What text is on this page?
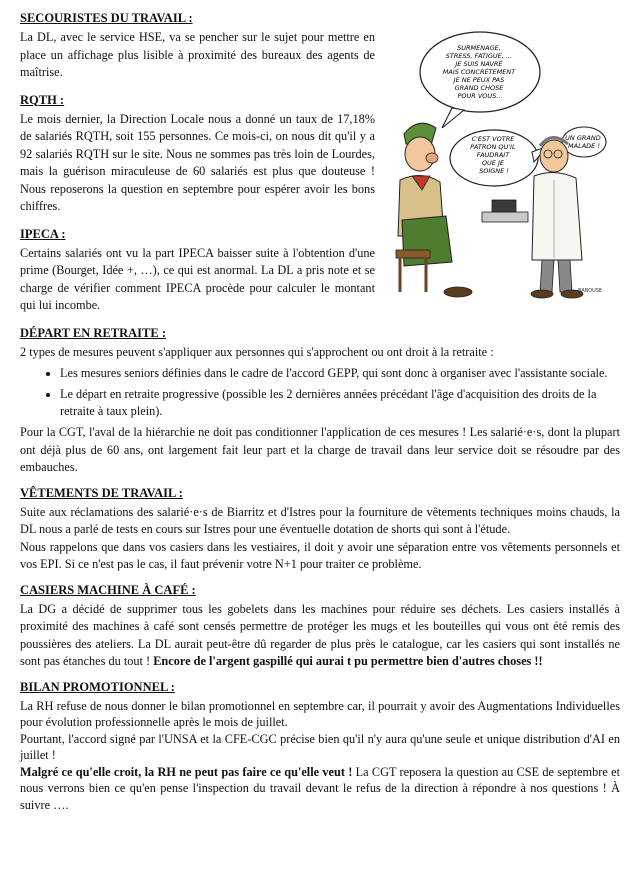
SECOURISTES DU TRAVAIL :

La DL, avec le service HSE, va se pencher sur le sujet pour mettre en place un affichage plus lisible à proximité des bureaux des agents de maîtrise.

RQTH :

Le mois dernier, la Direction Locale nous a donné un taux de 17,18% de salariés RQTH, soit 155 personnes. Ce mois-ci, on nous dit qu'il y a 92 salariés RQTH sur le site. Nous ne sommes pas très loin de Lourdes, mais la guérison miraculeuse de 60 salariés est plus que douteuse ! Nous reposerons la question en septembre pour espérer avoir les bons chiffres.

IPECA :

Certains salariés ont vu la part IPECA baisser suite à l'obtention d'une prime (Bourget, Idée +, …), ce qui est anormal. La DL a pris note et se charge de vérifier comment IPECA procède pour calculer le montant qui lui incombe.

DÉPART EN RETRAITE :

2 types de mesures peuvent s'appliquer aux personnes qui s'approchent ou ont droit à la retraite :

• Les mesures seniors définies dans le cadre de l'accord GEPP, qui sont donc à organiser avec l'assistante sociale.
• Le départ en retraite progressive (possible les 2 dernières années précédant l'âge d'acquisition des droits de la retraite à taux plein).

Pour la CGT, l'aval de la hiérarchie ne doit pas conditionner l'application de ces mesures ! Les salarié·e·s, dont la plupart ont déjà plus de 60 ans, ont largement fait leur part et la charge de travail dans leur service doit se résoudre par des embauches.

VÊTEMENTS DE TRAVAIL :

Suite aux réclamations des salarié·e·s de Biarritz et d'Istres pour la fourniture de vêtements techniques moins chauds, la DL nous a parlé de tests en cours sur Istres pour une éventuelle dotation de shorts qui sont à l'étude.

Nous rappelons que dans vos casiers dans les vestiaires, il doit y avoir une séparation entre vos vêtements personnels et vos EPI. Si ce n'est pas le cas, il faut prévenir votre N+1 pour traiter ce problème.

CASIERS MACHINE À CAFÉ :

La DG a décidé de supprimer tous les gobelets dans les machines pour réduire ses déchets. Les casiers installés à proximité des machines à café sont censés permettre de protéger les mugs et les bouteilles qui vous ont été remis des poussières des ateliers. La DL aurait peut-être dû regarder de plus près le catalogue, car les casiers qui sont installés ne sont pas étanches du tout ! Encore de l'argent gaspillé qui aurai t pu permettre bien d'autres choses !!

BILAN PROMOTIONNEL :

La RH refuse de nous donner le bilan promotionnel en septembre car, il pourrait y avoir des Augmentations Individuelles pour évolution professionnelle après le mois de juillet.

Pourtant, l'accord signé par l'UNSA et la CFE-CGC précise bien qu'il n'y aura qu'une seule et unique distribution d'AI en juillet !

Malgré ce qu'elle croit, la RH ne peut pas faire ce qu'elle veut ! La CGT reposera la question au CSE de septembre et nous verrons bien ce qu'en pense l'inspection du travail devant le refus de la direction à répondre à nos questions ! À suivre ….

SURMENAGE, STRESS, FATIGUE, ... JE SUIS NAVRÉ MAIS CONCRÈTEMENT JE NE PEUX PAS GRAND CHOSE POUR VOUS...
C'EST VOTRE PATRON QU'IL FAUDRAIT QUE JE SOIGNE !
UN GRAND MALADE !
BABOUSE
